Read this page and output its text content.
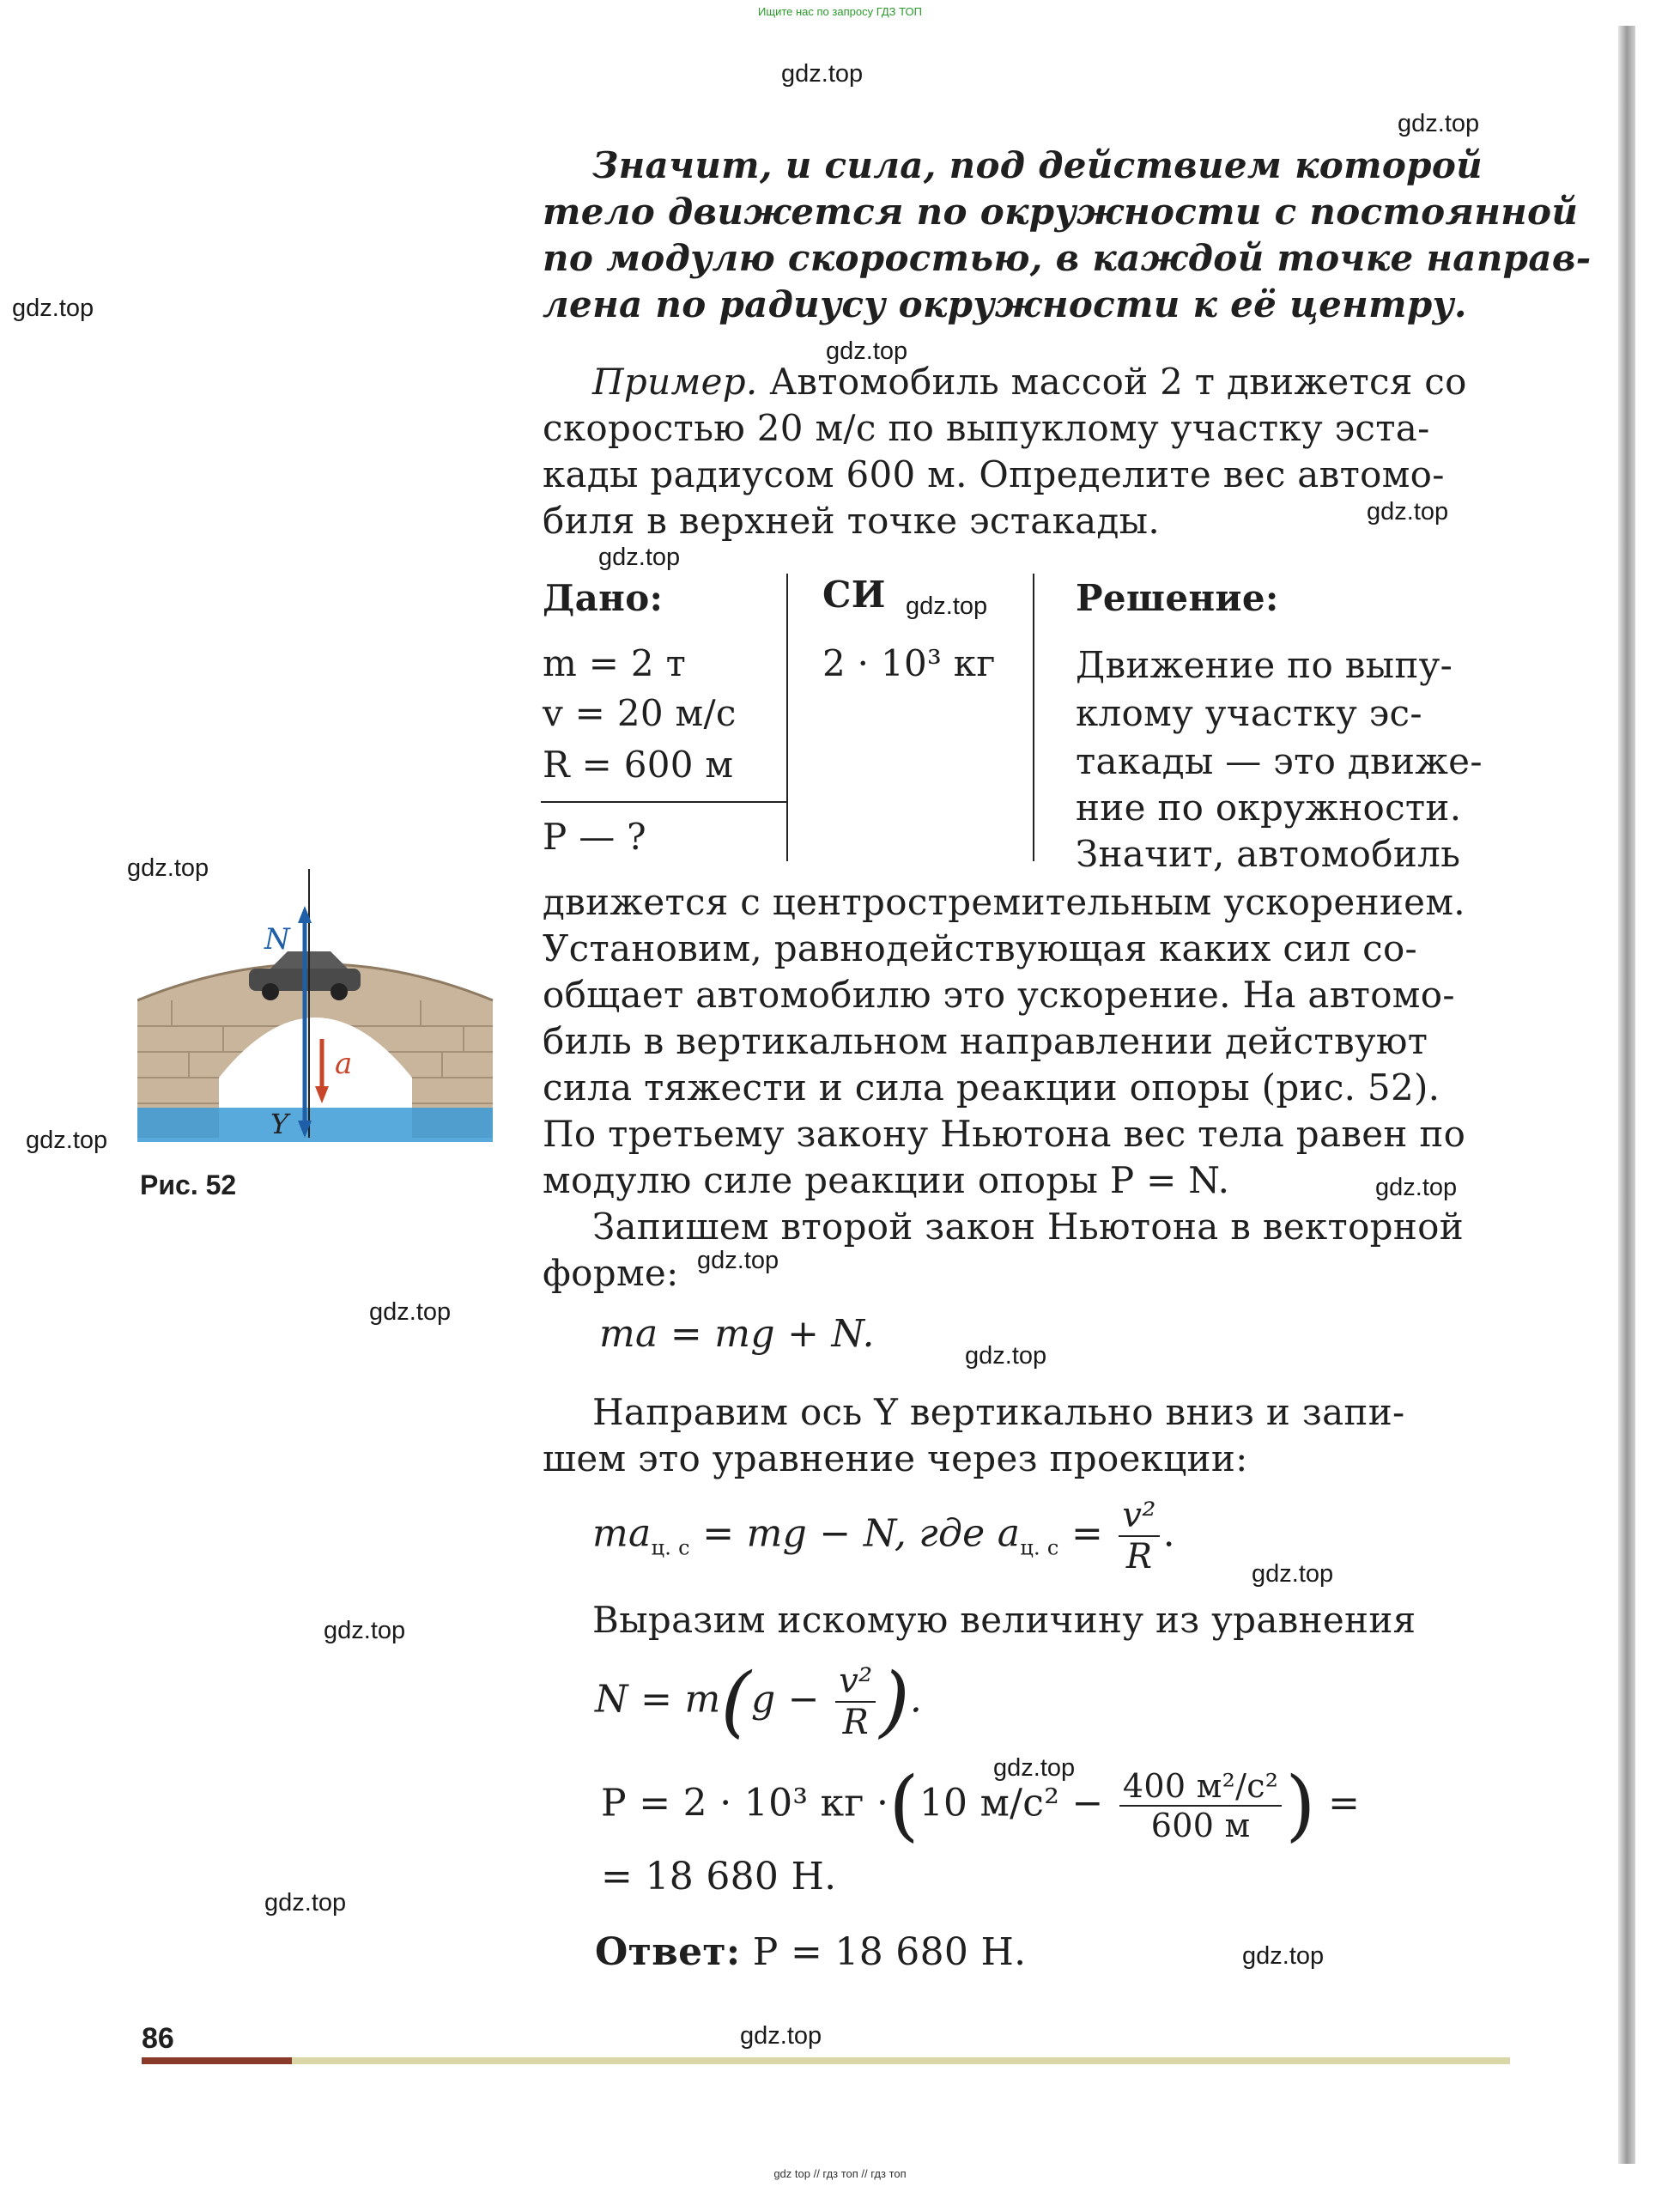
Ищите нас по запросу ГДЗ ТОП
gdz.top
gdz.top
gdz.top
gdz.top
gdz.top
gdz.top
gdz.top
gdz.top
gdz.top
gdz.top
gdz.top
gdz.top
gdz.top
gdz.top
gdz.top
gdz.top
gdz.top
gdz.top
gdz.top
Значит, и сила, под действием которой
тело движется по окружности с постоянной
по модулю скоростью, в каждой точке направ-
лена по радиусу окружности к её центру.
Пример. Автомобиль массой 2 т движется со
скоростью 20 м/с по выпуклому участку эста-
кады радиусом 600 м. Определите вес автомо-
биля в верхней точке эстакады.
Дано:	СИ	Решение:
m = 2 т	2 · 10³ кг
v = 20 м/с
R = 600 м
P — ?
Движение по выпу-
клому участку эс-
такады — это движе-
ние по окружности.
Значит, автомобиль
движется с центростремительным ускорением.
Установим, равнодействующая каких сил со-
общает автомобилю это ускорение. На автомо-
биль в вертикальном направлении действуют
сила тяжести и сила реакции опоры (рис. 52).
По третьему закону Ньютона вес тела равен по
модулю силе реакции опоры P = N.
Запишем второй закон Ньютона в векторной
форме:
ma = mg + N.
Направим ось Y вертикально вниз и запи-
шем это уравнение через проекции:
$ma_{ц. с}$ = mg − N, где $a_{ц. с} = \frac{\text{v²}}{R}$ .
Выразим искомую величину из уравнения
$N = m(g - \frac{\text{v²}}{R}$ ).
P = 2 · 10³ кг ·(10 $м/с^2 - \frac{\text{400 м²/с²}}{600 м}$ ) =
= 18 680 Н.
Ответ: P = 18 680 Н.
N
mg a
Y
Рис. 52
86
gdz top // гдз топ // гдз топ
